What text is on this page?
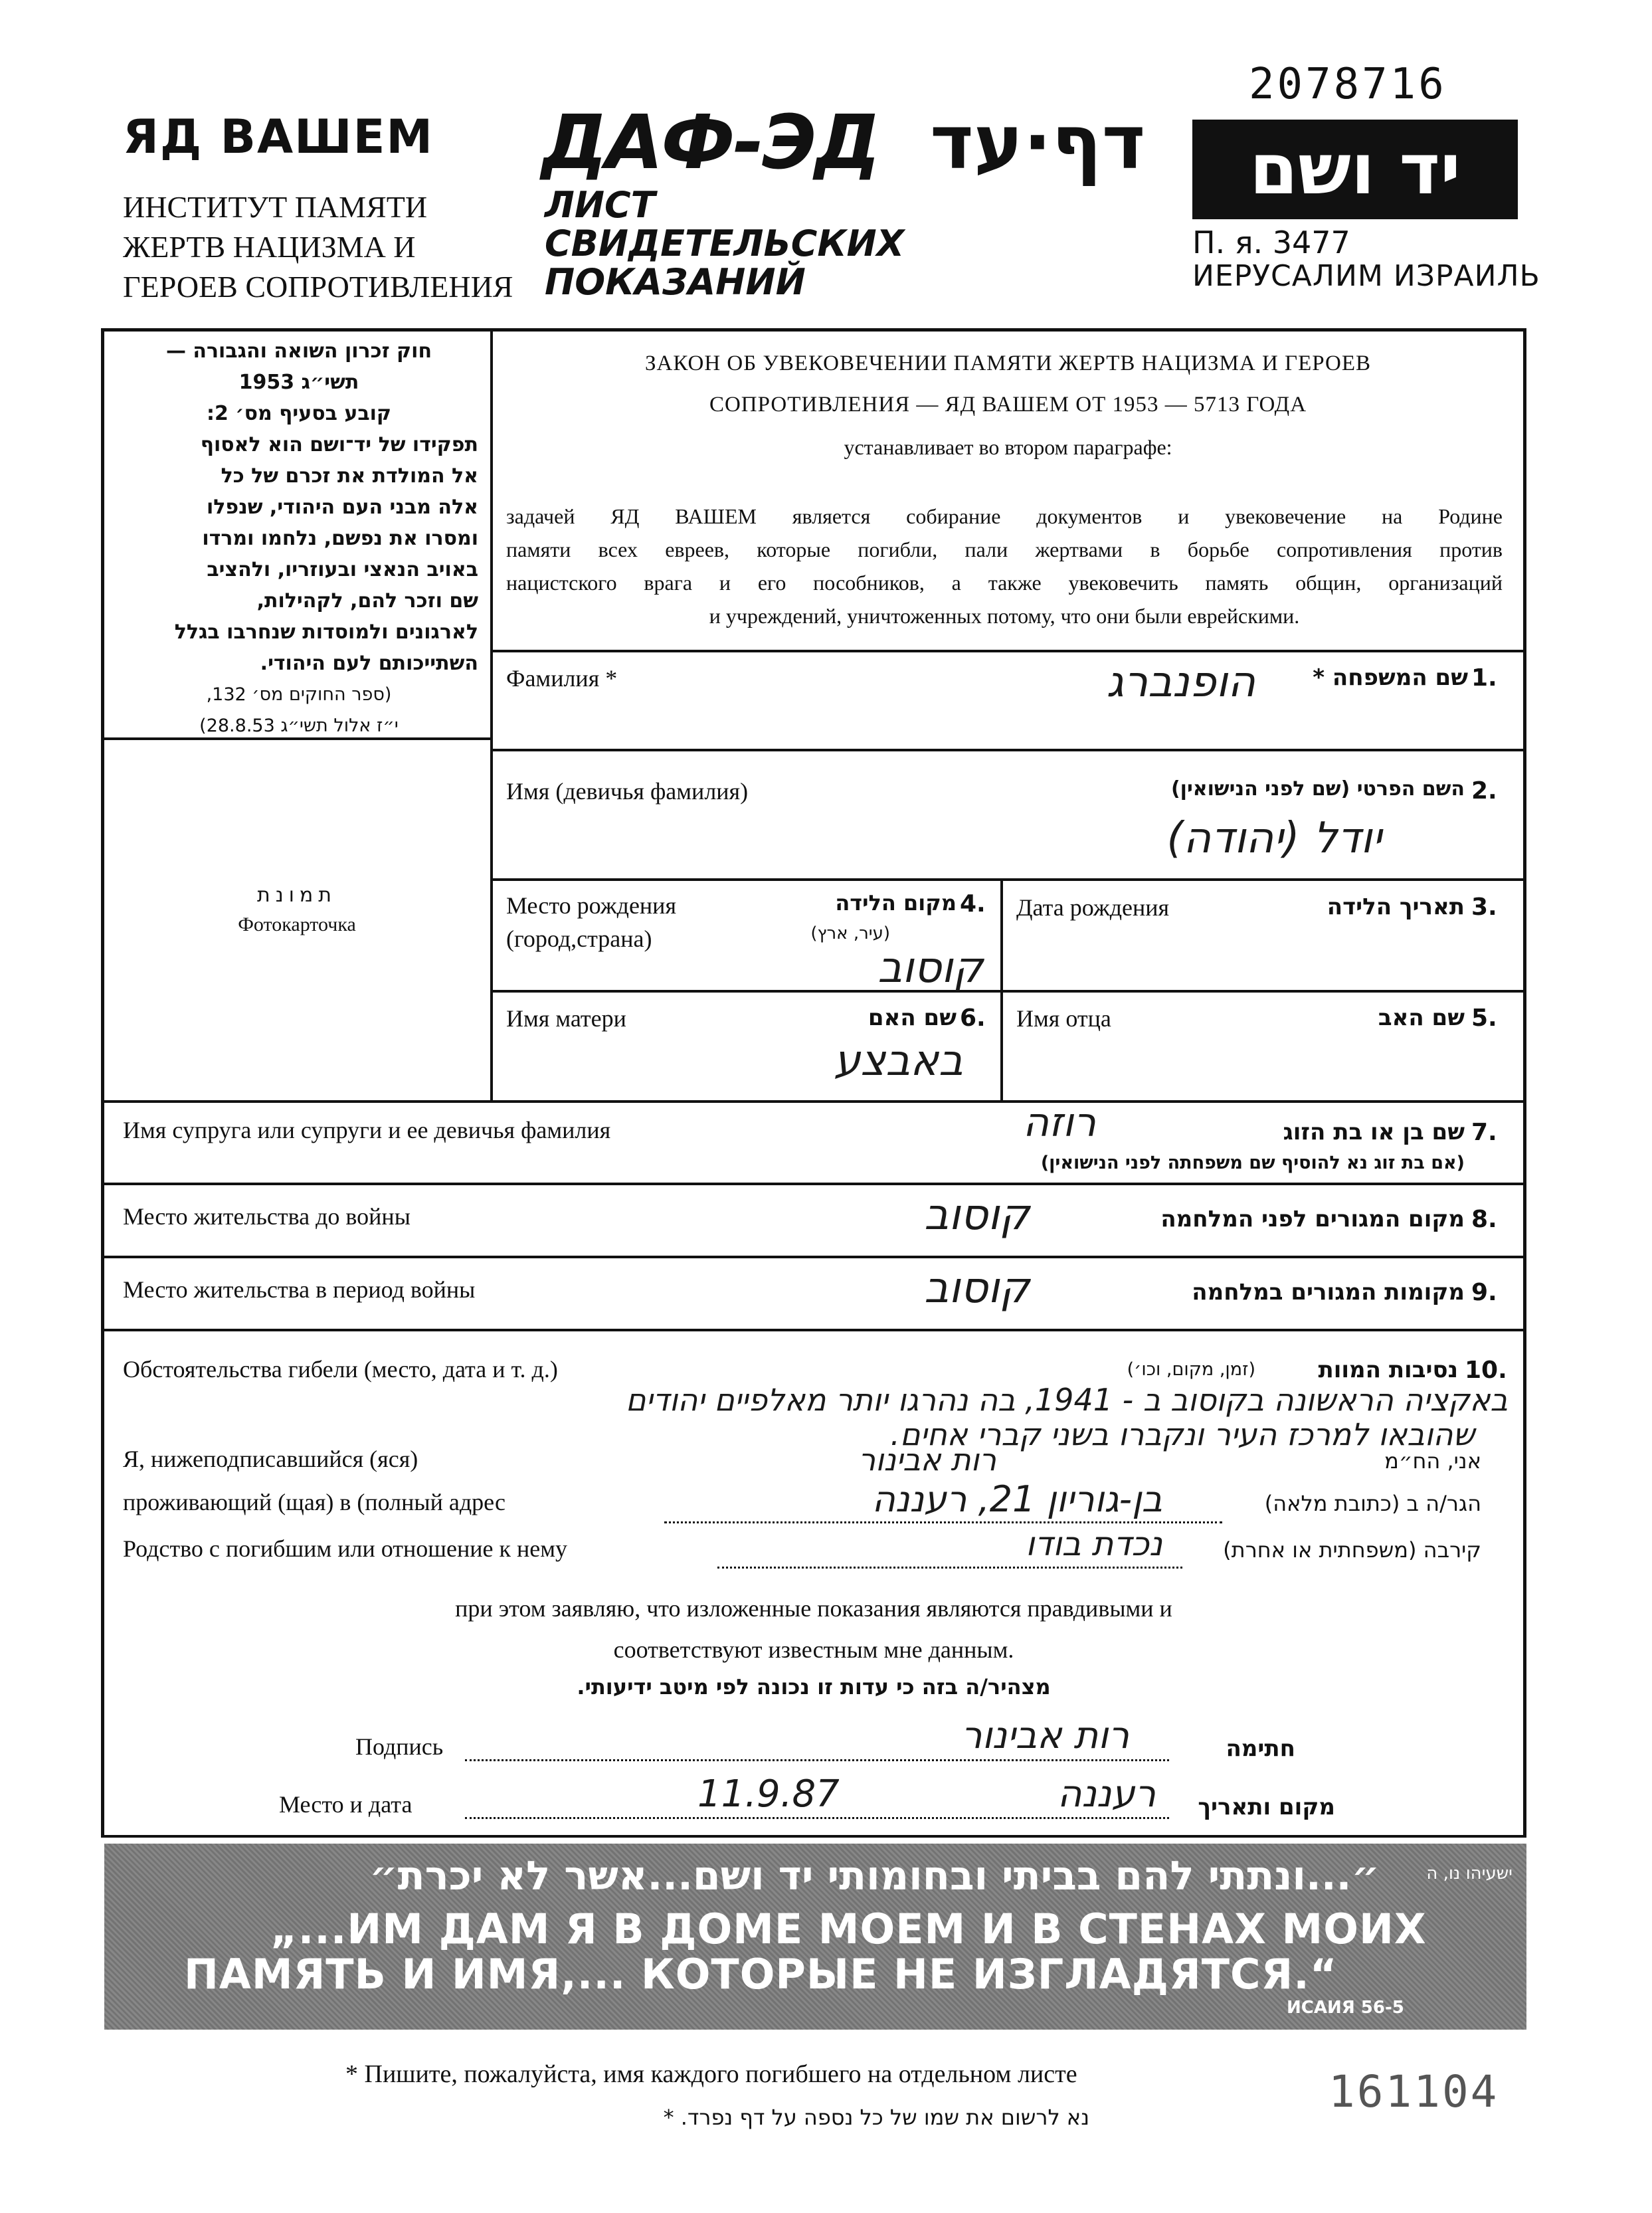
2078716
ЯД ВАШЕМ
ИНСТИТУТ ПАМЯТИ
ЖЕРТВ НАЦИЗМА И
ГЕРОЕВ СОПРОТИВЛЕНИЯ
ДАФ-ЭД דף·עד
ЛИСТ
СВИДЕТЕЛЬСКИХ
ПОКАЗАНИЙ
יד ושם
П. я. 3477
ИЕРУСАЛИМ ИЗРАИЛЬ
חוק זכרון השואה והגבורה —
תשי״ג 1953
קובע בסעיף מס׳ 2:
תפקידו של יד־ושם הוא לאסוף
אל המולדת את זכרם של כל
אלה מבני העם היהודי, שנפלו
ומסרו את נפשם, נלחמו ומרדו
באויב הנאצי ובעוזריו, ולהציב
שם וזכר להם, לקהילות,
לארגונים ולמוסדות שנחרבו בגלל
השתייכותם לעם היהודי.
(ספר החוקים מס׳ 132,
י״ז אלול תשי״ג 28.8.53)
תמונת
Фотокарточка
ЗАКОН ОБ УВЕКОВЕЧЕНИИ ПАМЯТИ ЖЕРТВ НАЦИЗМА И ГЕРОЕВ
СОПРОТИВЛЕНИЯ — ЯД ВАШЕМ ОТ 1953 — 5713 ГОДА
устанавливает во втором параграфе:
задачей ЯД ВАШЕМ является собирание документов и увековечение на Родине
памяти всех евреев, которые погибли, пали жертвами в борьбе сопротивления против
нацистского врага и его пособников, а также увековечить память общин, организаций
и учреждений, уничтоженных потому, что они были еврейскими.
Фамилия *	שם המשפחה * 1.
הופנברג
Имя (девичья фамилия)	השם הפרטי (שם לפני הנישואין) 2.
יודל (יהודה)
Место рождения
(город,страна)
מקום הלידה 4.
(עיר, ארץ)
קוסוב
Дата рождения	תאריך הלידה 3.
Имя матери	שם האם 6.
באבצע
Имя отца	שם האב 5.
Имя супруга или супруги и ее девичья фамилия	רוזה	שם בן או בת הזוג 7.
(אם בת זוג נא להוסיף שם משפחתה לפני הנישואין)
Место жительства до войны	קוסוב	מקום המגורים לפני המלחמה 8.
Место жительства в период войны	קוסוב	מקומות המגורים במלחמה 9.
Обстоятельства гибели (место, дата и т. д.)	(זמן, מקום, וכו׳)	נסיבות המוות 10.
באקציה הראשונה בקוסוב ב - 1941, בה נהרגו יותר מאלפיים יהודים
שהובאו למרכז העיר ונקברו בשני קברי אחים.
Я, нижеподписавшийся (яся)	רות אבינור	אני, הח״מ
проживающий (щая) в (полный адрес	בן-גוריון 21, רעננה	הגר/ה ב (כתובת מלאה)
Родство с погибшим или отношение к нему	נכדת בודו	קירבה (משפחתית או אחרת)
при этом заявляю, что изложенные показания являются правдивыми и
соответствуют известным мне данным.
מצהיר/ה בזה כי עדות זו נכונה לפי מיטב ידיעותי.
Подпись	רות אבינור	חתימה
Место и дата	11.9.87	רעננה	מקום ותאריך
״...ונתתי להם בביתי ובחומותי יד ושם...אשר לא יכרת״	ישעיהו נו, ה
„...ИМ ДАМ Я В ДОМЕ МОЕМ И В СТЕНАХ МОИХ
ПАМЯТЬ И ИМЯ,... КОТОРЫЕ НЕ ИЗГЛАДЯТСЯ.“
ИСАИЯ 56-5
* Пишите, пожалуйста, имя каждого погибшего на отдельном листе	161104
נא לרשום את שמו של כל נספה על דף נפרד. *
